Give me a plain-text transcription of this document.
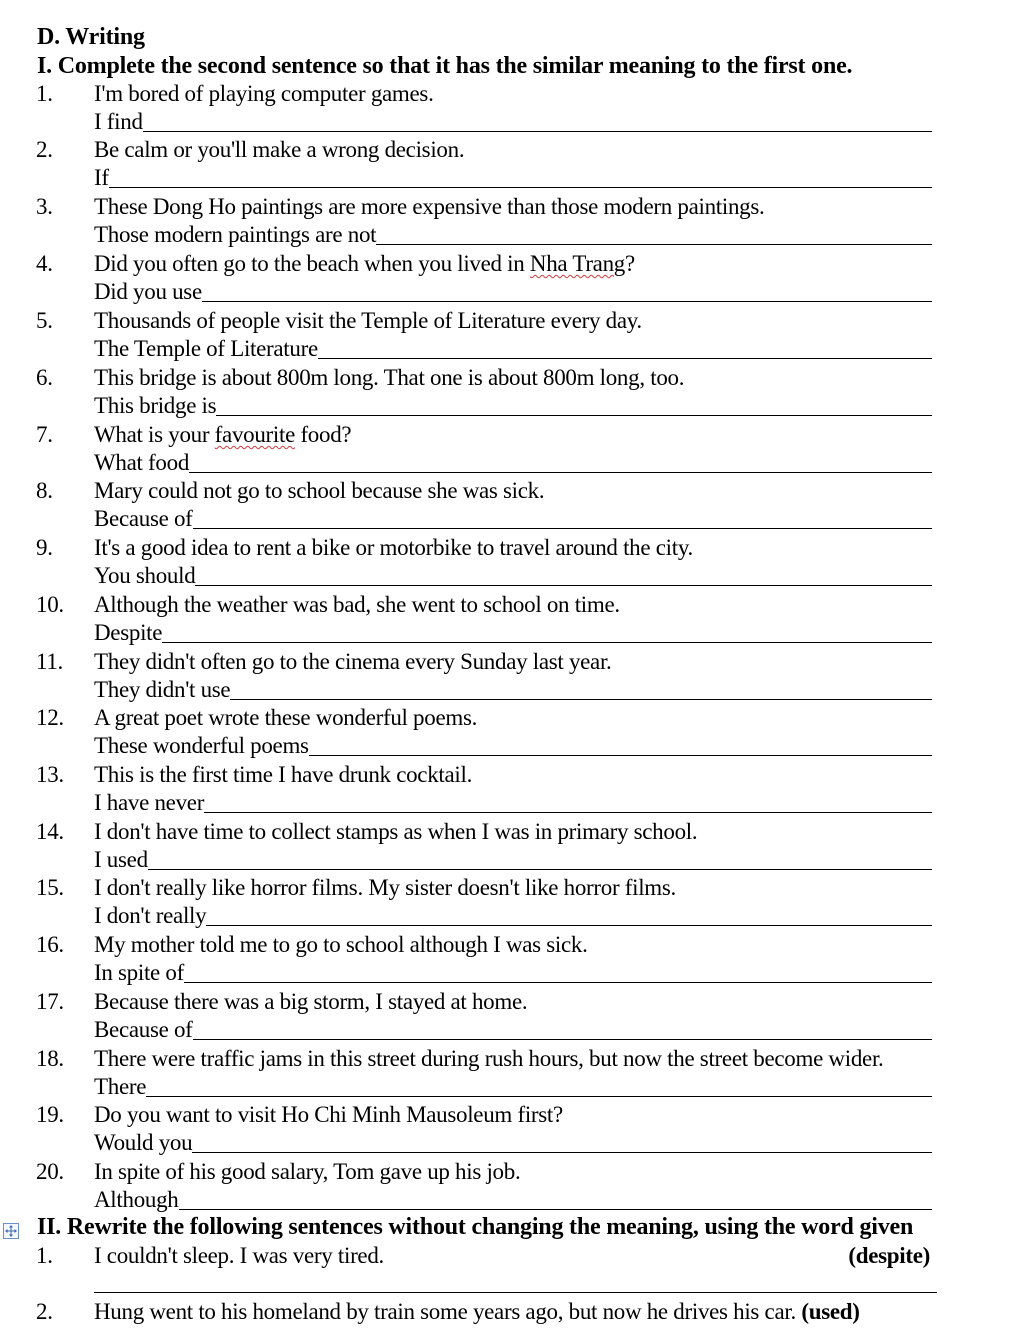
D. Writing
I. Complete the second sentence so that it has the similar meaning to the first one.
1. I'm bored of playing computer games.
I find
2. Be calm or you'll make a wrong decision.
If
3. These Dong Ho paintings are more expensive than those modern paintings.
Those modern paintings are not
4. Did you often go to the beach when you lived in Nha Trang?
Did you use
5. Thousands of people visit the Temple of Literature every day.
The Temple of Literature
6. This bridge is about 800m long. That one is about 800m long, too.
This bridge is
7. What is your favourite food?
What food
8. Mary could not go to school because she was sick.
Because of
9. It's a good idea to rent a bike or motorbike to travel around the city.
You should
10. Although the weather was bad, she went to school on time.
Despite
11. They didn't often go to the cinema every Sunday last year.
They didn't use
12. A great poet wrote these wonderful poems.
These wonderful poems
13. This is the first time I have drunk cocktail.
I have never
14. I don't have time to collect stamps as when I was in primary school.
I used
15. I don't really like horror films. My sister doesn't like horror films.
I don't really
16. My mother told me to go to school although I was sick.
In spite of
17. Because there was a big storm, I stayed at home.
Because of
18. There were traffic jams in this street during rush hours, but now the street become wider.
There
19. Do you want to visit Ho Chi Minh Mausoleum first?
Would you
20. In spite of his good salary, Tom gave up his job.
Although
II. Rewrite the following sentences without changing the meaning, using the word given
1. I couldn't sleep. I was very tired.	(despite)
2. Hung went to his homeland by train some years ago, but now he drives his car. (used)
